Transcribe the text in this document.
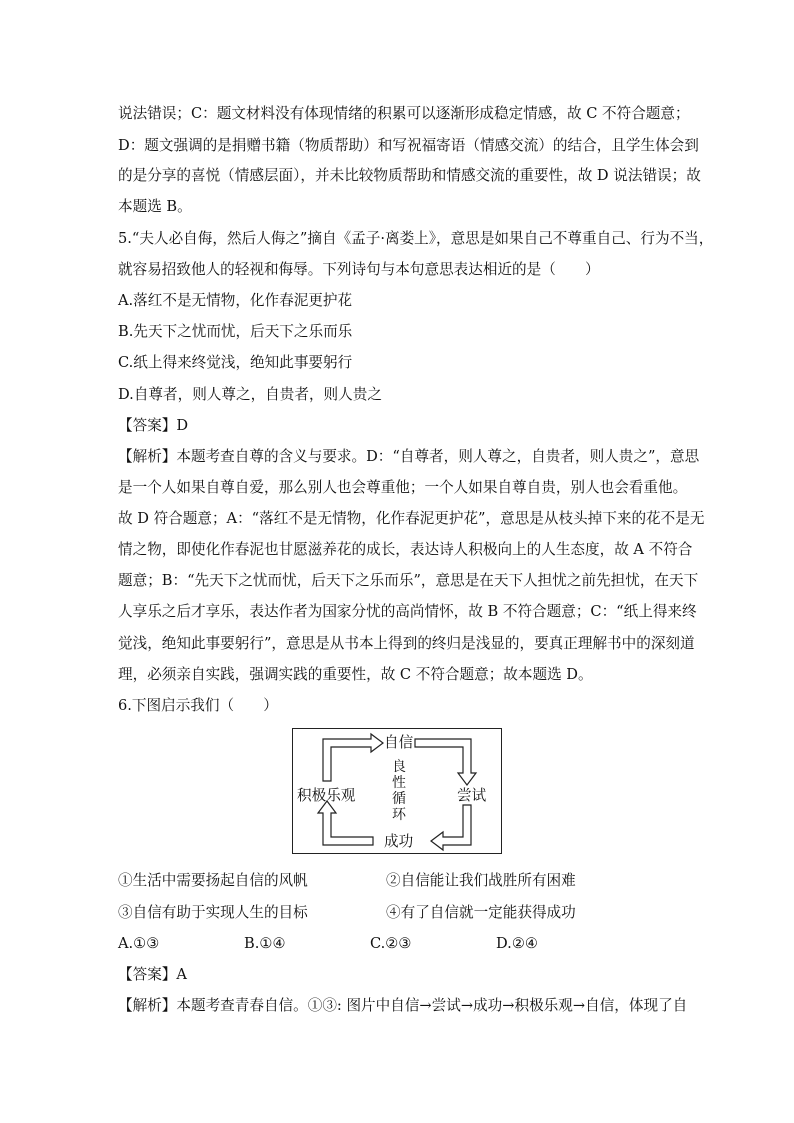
说法错误；C：题文材料没有体现情绪的积累可以逐渐形成稳定情感，故 C 不符合题意；
D：题文强调的是捐赠书籍（物质帮助）和写祝福寄语（情感交流）的结合，且学生体会到
的是分享的喜悦（情感层面），并未比较物质帮助和情感交流的重要性，故 D 说法错误；故
本题选 B。
5.“夫人必自侮，然后人侮之”摘自《孟子·离娄上》，意思是如果自己不尊重自己、行为不当，
就容易招致他人的轻视和侮辱。下列诗句与本句意思表达相近的是（　　）
A.落红不是无情物，化作春泥更护花
B.先天下之忧而忧，后天下之乐而乐
C.纸上得来终觉浅，绝知此事要躬行
D.自尊者，则人尊之，自贵者，则人贵之
【答案】D
【解析】本题考查自尊的含义与要求。D：“自尊者，则人尊之，自贵者，则人贵之”，意思
是一个人如果自尊自爱，那么别人也会尊重他；一个人如果自尊自贵，别人也会看重他。
故 D 符合题意；A：“落红不是无情物，化作春泥更护花”，意思是从枝头掉下来的花不是无
情之物，即使化作春泥也甘愿滋养花的成长，表达诗人积极向上的人生态度，故 A 不符合
题意；B：“先天下之忧而忧，后天下之乐而乐”，意思是在天下人担忧之前先担忧，在天下
人享乐之后才享乐，表达作者为国家分忧的高尚情怀，故 B 不符合题意；C：“纸上得来终
觉浅，绝知此事要躬行”，意思是从书本上得到的终归是浅显的，要真正理解书中的深刻道
理，必须亲自实践，强调实践的重要性，故 C 不符合题意；故本题选 D。
6.下图启示我们（　　）
自信
尝试
成功
积极乐观
良
性
循
环
①生活中需要扬起自信的风帆	②自信能让我们战胜所有困难
③自信有助于实现人生的目标	④有了自信就一定能获得成功
A.①③	B.①④	C.②③	D.②④
【答案】A
【解析】本题考查青春自信。①③: 图片中自信→尝试→成功→积极乐观→自信，体现了自
